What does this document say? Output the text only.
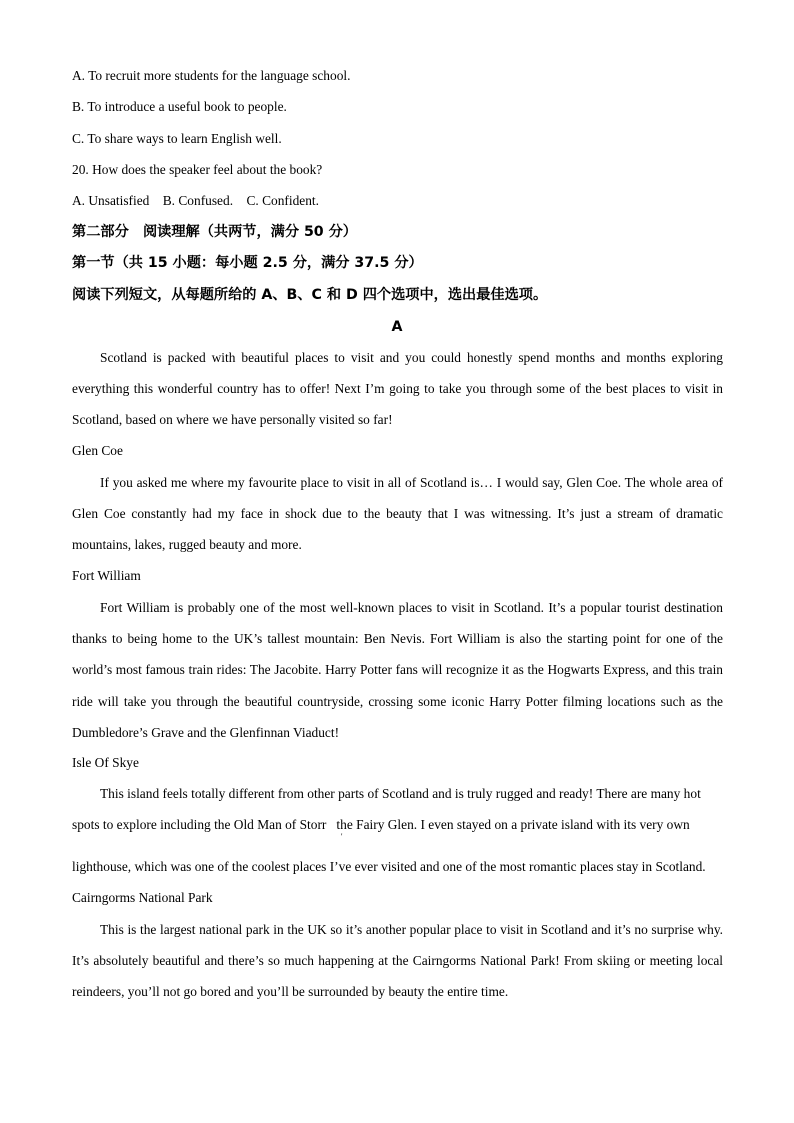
A. To recruit more students for the language school.

B. To introduce a useful book to people.

C. To share ways to learn English well.

20. How does the speaker feel about the book?

A. Unsatisfied    B. Confused.    C. Confident.

第二部分　阅读理解（共两节，满分 50 分）

第一节（共 15 小题：每小题 2.5 分，满分 37.5 分）

阅读下列短文，从每题所给的 A、B、C 和 D 四个选项中，选出最佳选项。

A

Scotland is packed with beautiful places to visit and you could honestly spend months and months exploring everything this wonderful country has to offer! Next I’m going to take you through some of the best places to visit in Scotland, based on where we have personally visited so far!

Glen Coe

If you asked me where my favourite place to visit in all of Scotland is… I would say, Glen Coe. The whole area of Glen Coe constantly had my face in shock due to the beauty that I was witnessing. It’s just a stream of dramatic mountains, lakes, rugged beauty and more.

Fort William

Fort William is probably one of the most well-known places to visit in Scotland. It’s a popular tourist destination thanks to being home to the UK’s tallest mountain: Ben Nevis. Fort William is also the starting point for one of the world’s most famous train rides: The Jacobite. Harry Potter fans will recognize it as the Hogwarts Express, and this train ride will take you through the beautiful countryside, crossing some iconic Harry Potter filming locations such as the Dumbledore’s Grave and the Glenfinnan Viaduct!

Isle Of Skye

This island feels totally different from other parts of Scotland and is truly rugged and ready! There are many hot

spots to explore including the Old Man of Storr   the Fairy Glen. I even stayed on a private island with its very own

'

lighthouse, which was one of the coolest places I’ve ever visited and one of the most romantic places stay in Scotland.

Cairngorms National Park

This is the largest national park in the UK so it’s another popular place to visit in Scotland and it’s no surprise why. It’s absolutely beautiful and there’s so much happening at the Cairngorms National Park! From skiing or meeting local reindeers, you’ll not go bored and you’ll be surrounded by beauty the entire time.
